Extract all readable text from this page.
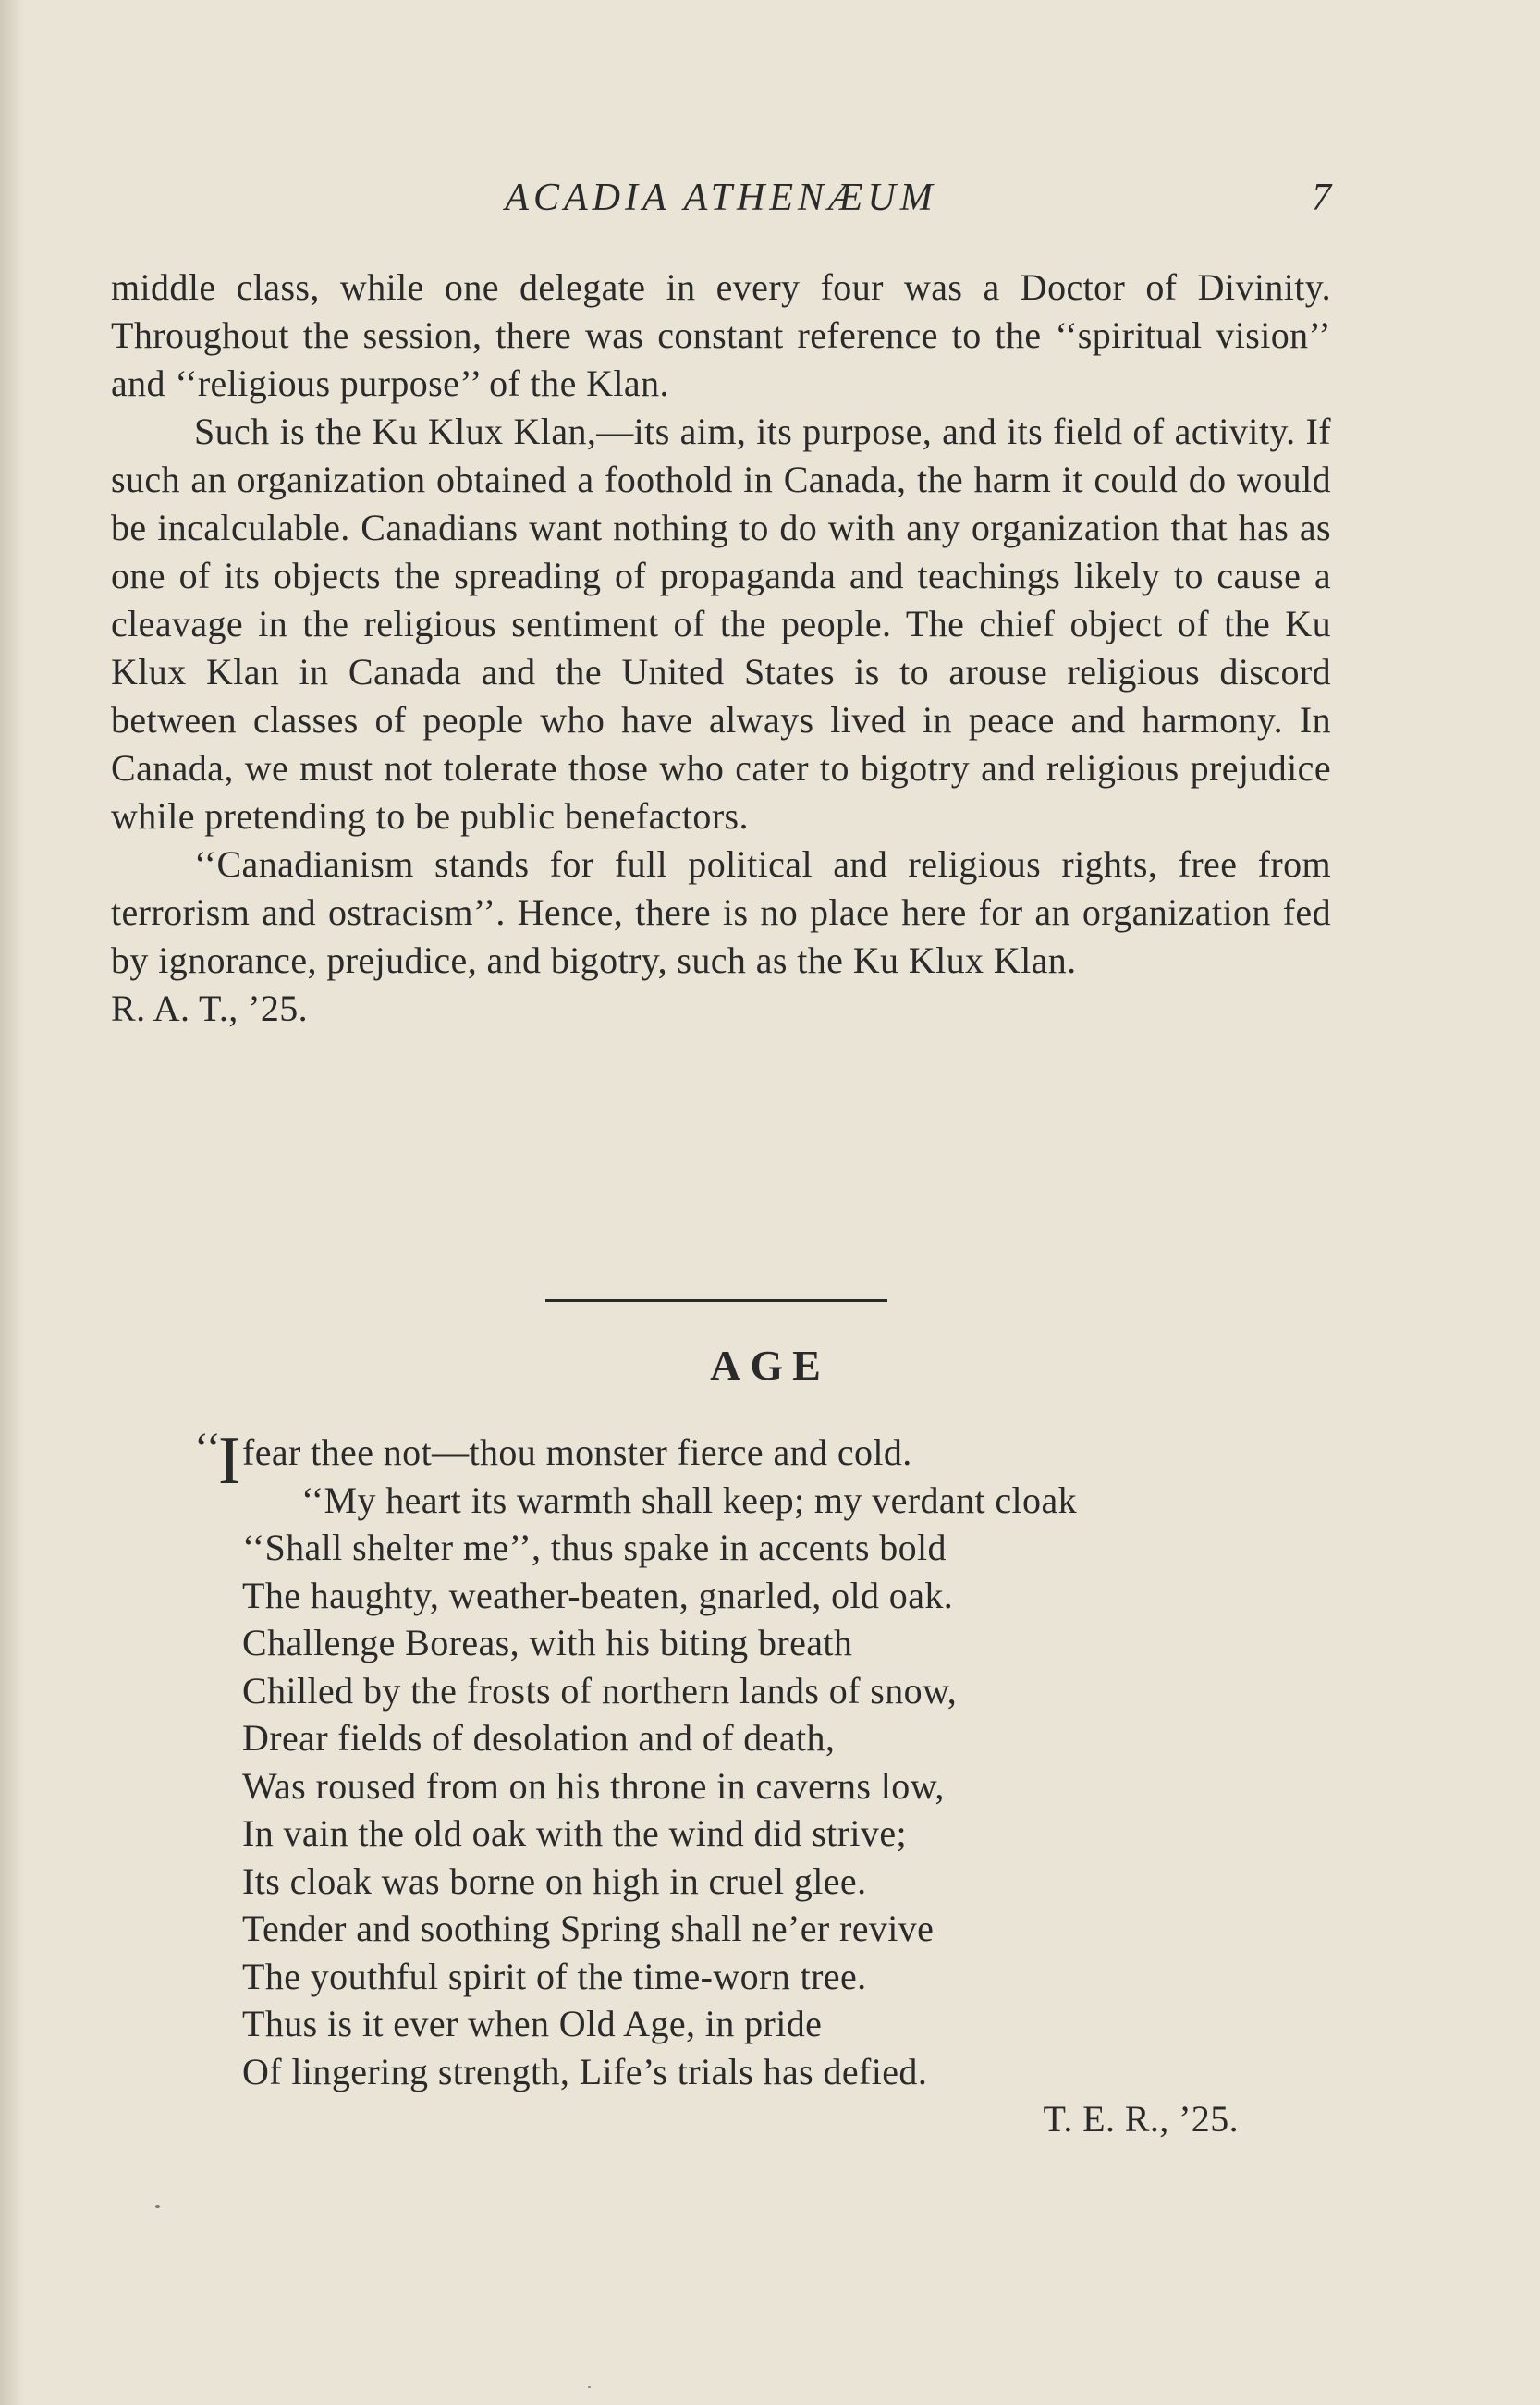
ACADIA ATHENÆUM	7

middle class, while one delegate in every four was a Doctor of Divinity. Throughout the session, there was constant reference to the ‘‘spiritual vision’’ and ‘‘religious purpose’’ of the Klan.

Such is the Ku Klux Klan,—its aim, its purpose, and its field of activity. If such an organization obtained a foothold in Canada, the harm it could do would be incalculable. Canadians want nothing to do with any organization that has as one of its objects the spreading of propaganda and teachings likely to cause a cleavage in the religious sentiment of the people. The chief object of the Ku Klux Klan in Canada and the United States is to arouse religious discord between classes of people who have always lived in peace and harmony. In Canada, we must not tolerate those who cater to bigotry and religious prejudice while pretending to be public benefactors.

‘‘Canadianism stands for full political and religious rights, free from terrorism and ostracism’’. Hence, there is no place here for an organization fed by ignorance, prejudice, and bigotry, such as the Ku Klux Klan.

R. A. T., ’25.

AGE
‘‘
I fear thee not—thou monster fierce and cold.
‘‘My heart its warmth shall keep; my verdant cloak
‘‘Shall shelter me’’, thus spake in accents bold
The haughty, weather-beaten, gnarled, old oak.
Challenge Boreas, with his biting breath
Chilled by the frosts of northern lands of snow,
Drear fields of desolation and of death,
Was roused from on his throne in caverns low,
In vain the old oak with the wind did strive;
Its cloak was borne on high in cruel glee.
Tender and soothing Spring shall ne’er revive
The youthful spirit of the time-worn tree.
Thus is it ever when Old Age, in pride
Of lingering strength, Life’s trials has defied.
T. E. R., ’25.
